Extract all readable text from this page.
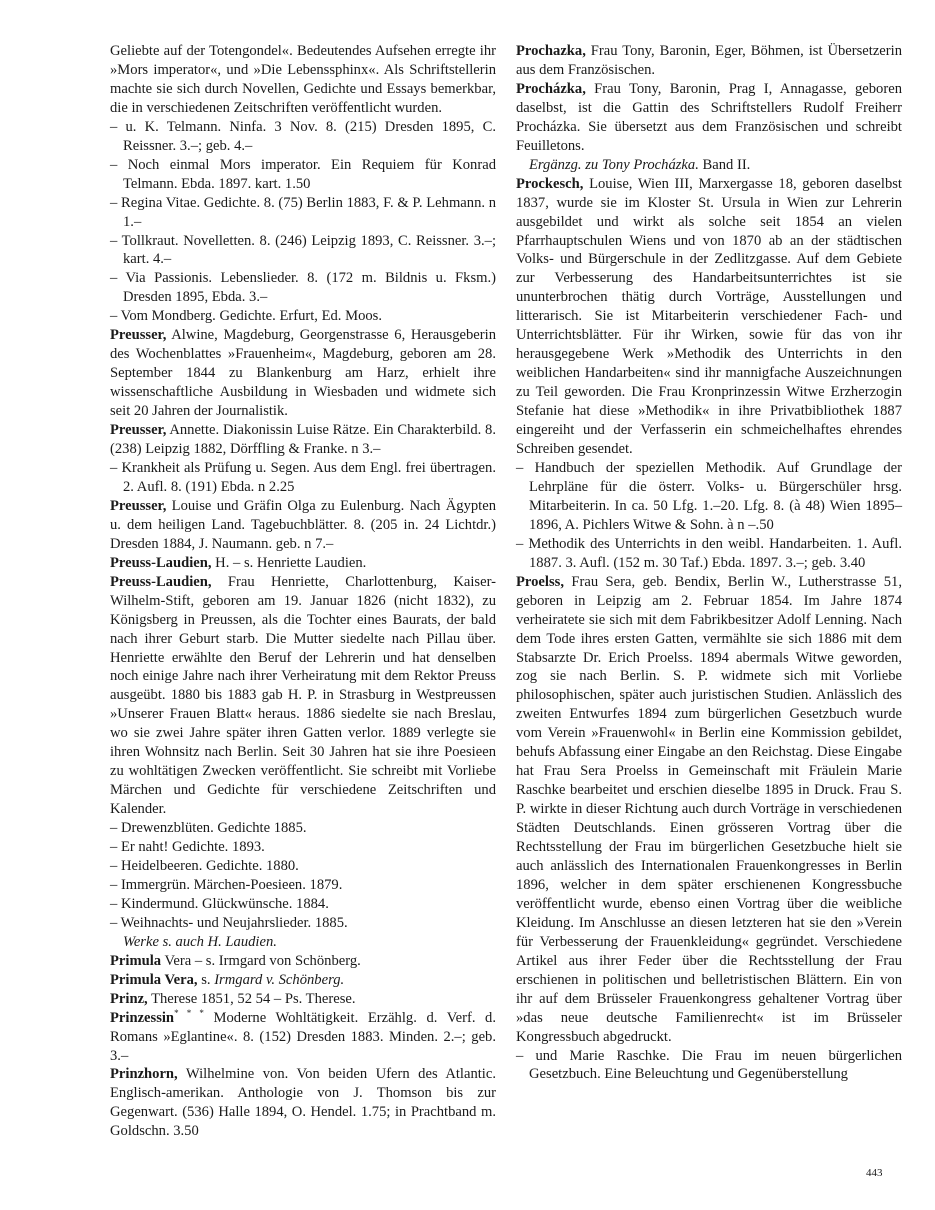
Geliebte auf der Totengondel«. Bedeutendes Aufsehen erregte ihr »Mors imperator«, und »Die Lebenssphinx«. Als Schriftstellerin machte sie sich durch Novellen, Gedichte und Essays bemerkbar, die in verschiedenen Zeitschriften veröffentlicht wurden.

– u. K. Telmann. Ninfa. 3 Nov. 8. (215) Dresden 1895, C. Reissner. 3.–; geb. 4.–

– Noch einmal Mors imperator. Ein Requiem für Konrad Telmann. Ebda. 1897. kart. 1.50

– Regina Vitae. Gedichte. 8. (75) Berlin 1883, F. & P. Lehmann. n 1.–

– Tollkraut. Novelletten. 8. (246) Leipzig 1893, C. Reissner. 3.–; kart. 4.–

– Via Passionis. Lebenslieder. 8. (172 m. Bildnis u. Fksm.) Dresden 1895, Ebda. 3.–

– Vom Mondberg. Gedichte. Erfurt, Ed. Moos.

Preusser, Alwine, Magdeburg, Georgenstrasse 6, Herausgeberin des Wochenblattes »Frauenheim«, Magdeburg, geboren am 28. September 1844 zu Blankenburg am Harz, erhielt ihre wissenschaftliche Ausbildung in Wiesbaden und widmete sich seit 20 Jahren der Journalistik.

Preusser, Annette. Diakonissin Luise Rätze. Ein Charakterbild. 8. (238) Leipzig 1882, Dörffling & Franke. n 3.–

– Krankheit als Prüfung u. Segen. Aus dem Engl. frei übertragen. 2. Aufl. 8. (191) Ebda. n 2.25

Preusser, Louise und Gräfin Olga zu Eulenburg. Nach Ägypten u. dem heiligen Land. Tagebuchblätter. 8. (205 in. 24 Lichtdr.) Dresden 1884, J. Naumann. geb. n 7.–

Preuss-Laudien, H. – s. Henriette Laudien.

Preuss-Laudien, Frau Henriette, Charlottenburg, Kaiser-Wilhelm-Stift, geboren am 19. Januar 1826 (nicht 1832), zu Königsberg in Preussen, als die Tochter eines Baurats, der bald nach ihrer Geburt starb. Die Mutter siedelte nach Pillau über. Henriette erwählte den Beruf der Lehrerin und hat denselben noch einige Jahre nach ihrer Verheiratung mit dem Rektor Preuss ausgeübt. 1880 bis 1883 gab H. P. in Strasburg in Westpreussen »Unserer Frauen Blatt« heraus. 1886 siedelte sie nach Breslau, wo sie zwei Jahre später ihren Gatten verlor. 1889 verlegte sie ihren Wohnsitz nach Berlin. Seit 30 Jahren hat sie ihre Poesieen zu wohltätigen Zwecken veröffentlicht. Sie schreibt mit Vorliebe Märchen und Gedichte für verschiedene Zeitschriften und Kalender.

– Drewenzblüten. Gedichte 1885.

– Er naht! Gedichte. 1893.

– Heidelbeeren. Gedichte. 1880.

– Immergrün. Märchen-Poesieen. 1879.

– Kindermund. Glückwünsche. 1884.

– Weihnachts- und Neujahrslieder. 1885.

Werke s. auch H. Laudien.

Primula Vera – s. Irmgard von Schönberg.

Primula Vera, s. Irmgard v. Schönberg.

Prinz, Therese 1851, 52 54 – Ps. Therese.

Prinzessin* * * Moderne Wohltätigkeit. Erzählg. d. Verf. d. Romans »Eglantine«. 8. (152) Dresden 1883. Minden. 2.–; geb. 3.–

Prinzhorn, Wilhelmine von. Von beiden Ufern des Atlantic. Englisch-amerikan. Anthologie von J. Thomson bis zur Gegenwart. (536) Halle 1894, O. Hendel. 1.75; in Prachtband m. Goldschn. 3.50

Prochazka, Frau Tony, Baronin, Eger, Böhmen, ist Übersetzerin aus dem Französischen.

Procházka, Frau Tony, Baronin, Prag I, Annagasse, geboren daselbst, ist die Gattin des Schriftstellers Rudolf Freiherr Procházka. Sie übersetzt aus dem Französischen und schreibt Feuilletons.

Ergänzg. zu Tony Procházka. Band II.

Prockesch, Louise, Wien III, Marxergasse 18, geboren daselbst 1837, wurde sie im Kloster St. Ursula in Wien zur Lehrerin ausgebildet und wirkt als solche seit 1854 an vielen Pfarrhauptschulen Wiens und von 1870 ab an der städtischen Volks- und Bürgerschule in der Zedlitzgasse. Auf dem Gebiete zur Verbesserung des Handarbeitsunterrichtes ist sie ununterbrochen thätig durch Vorträge, Ausstellungen und litterarisch. Sie ist Mitarbeiterin verschiedener Fach- und Unterrichtsblätter. Für ihr Wirken, sowie für das von ihr herausgegebene Werk »Methodik des Unterrichts in den weiblichen Handarbeiten« sind ihr mannigfache Auszeichnungen zu Teil geworden. Die Frau Kronprinzessin Witwe Erzherzogin Stefanie hat diese »Methodik« in ihre Privatbibliothek 1887 eingereiht und der Verfasserin ein schmeichelhaftes ehrendes Schreiben gesendet.

– Handbuch der speziellen Methodik. Auf Grundlage der Lehrpläne für die österr. Volks- u. Bürgerschüler hrsg. Mitarbeiterin. In ca. 50 Lfg. 1.–20. Lfg. 8. (à 48) Wien 1895–1896, A. Pichlers Witwe & Sohn. à n –.50

– Methodik des Unterrichts in den weibl. Handarbeiten. 1. Aufl. 1887. 3. Aufl. (152 m. 30 Taf.) Ebda. 1897. 3.–; geb. 3.40

Proelss, Frau Sera, geb. Bendix, Berlin W., Lutherstrasse 51, geboren in Leipzig am 2. Februar 1854. Im Jahre 1874 verheiratete sie sich mit dem Fabrikbesitzer Adolf Lenning. Nach dem Tode ihres ersten Gatten, vermählte sie sich 1886 mit dem Stabsarzte Dr. Erich Proelss. 1894 abermals Witwe geworden, zog sie nach Berlin. S. P. widmete sich mit Vorliebe philosophischen, später auch juristischen Studien. Anlässlich des zweiten Entwurfes 1894 zum bürgerlichen Gesetzbuch wurde vom Verein »Frauenwohl« in Berlin eine Kommission gebildet, behufs Abfassung einer Eingabe an den Reichstag. Diese Eingabe hat Frau Sera Proelss in Gemeinschaft mit Fräulein Marie Raschke bearbeitet und erschien dieselbe 1895 in Druck. Frau S. P. wirkte in dieser Richtung auch durch Vorträge in verschiedenen Städten Deutschlands. Einen grösseren Vortrag über die Rechtsstellung der Frau im bürgerlichen Gesetzbuche hielt sie auch anlässlich des Internationalen Frauenkongresses in Berlin 1896, welcher in dem später erschienenen Kongressbuche veröffentlicht wurde, ebenso einen Vortrag über die weibliche Kleidung. Im Anschlusse an diesen letzteren hat sie den »Verein für Verbesserung der Frauenkleidung« gegründet. Verschiedene Artikel aus ihrer Feder über die Rechtsstellung der Frau erschienen in politischen und belletristischen Blättern. Ein von ihr auf dem Brüsseler Frauenkongress gehaltener Vortrag über »das neue deutsche Familienrecht« ist im Brüsseler Kongressbuch abgedruckt.

– und Marie Raschke. Die Frau im neuen bürgerlichen Gesetzbuch. Eine Beleuchtung und Gegenüberstellung

443
